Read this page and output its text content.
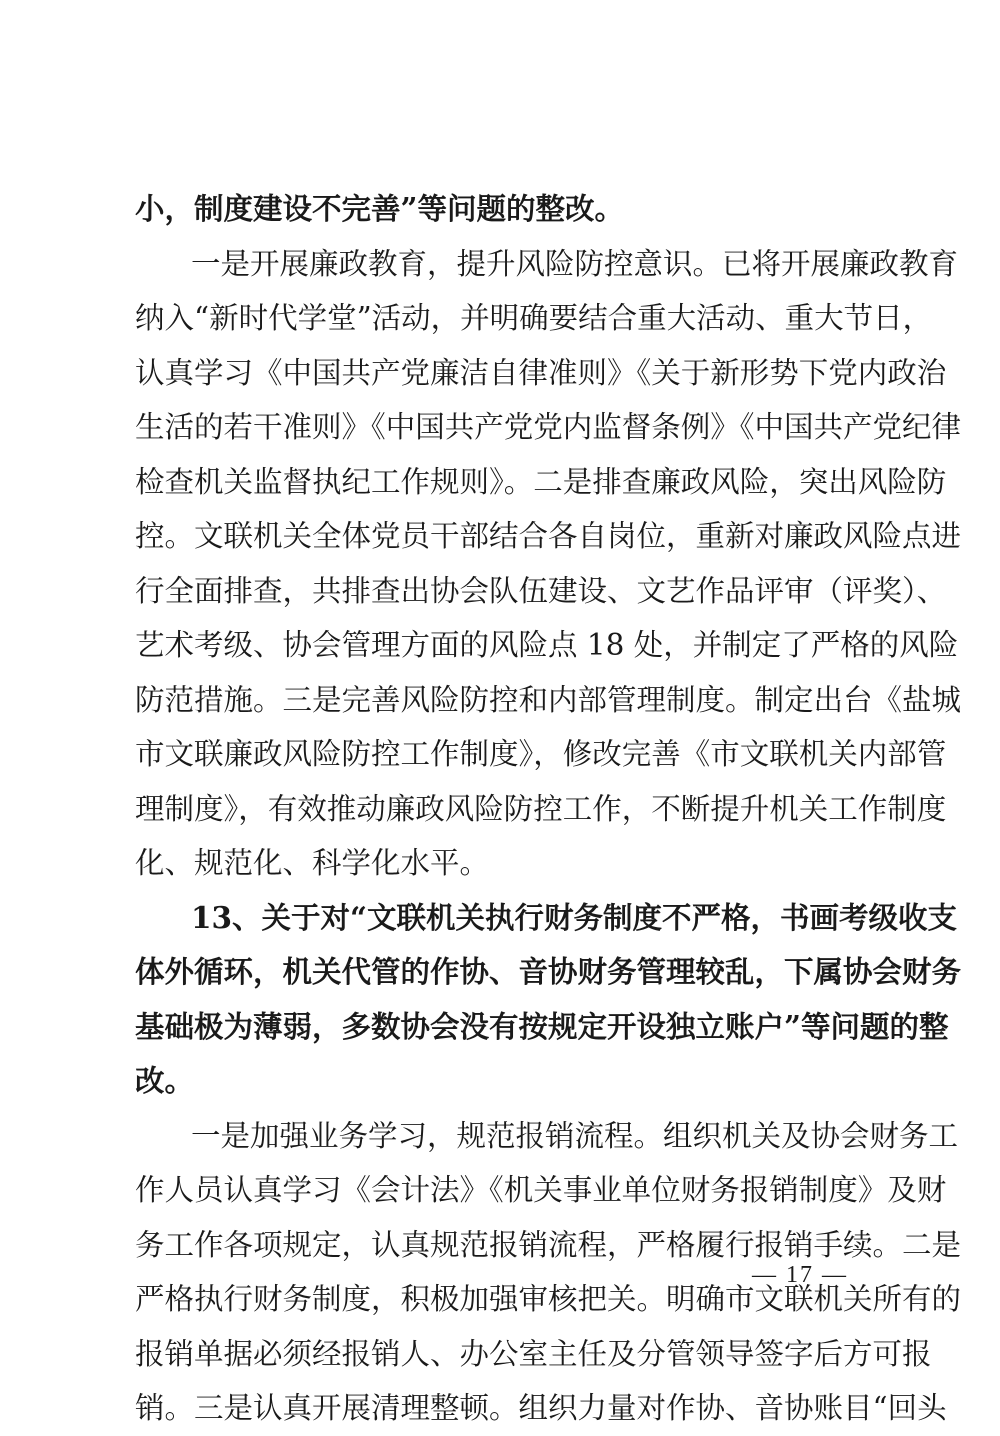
小，制度建设不完善”等问题的整改。
一是开展廉政教育，提升风险防控意识。已将开展廉政教育
纳入“新时代学堂”活动，并明确要结合重大活动、重大节日，
认真学习《中国共产党廉洁自律准则》《关于新形势下党内政治
生活的若干准则》《中国共产党党内监督条例》《中国共产党纪律
检查机关监督执纪工作规则》。二是排查廉政风险，突出风险防
控。文联机关全体党员干部结合各自岗位，重新对廉政风险点进
行全面排查，共排查出协会队伍建设、文艺作品评审（评奖）、
艺术考级、协会管理方面的风险点 18 处，并制定了严格的风险
防范措施。三是完善风险防控和内部管理制度。制定出台《盐城
市文联廉政风险防控工作制度》，修改完善《市文联机关内部管
理制度》，有效推动廉政风险防控工作，不断提升机关工作制度
化、规范化、科学化水平。
13、关于对“文联机关执行财务制度不严格，书画考级收支
体外循环，机关代管的作协、音协财务管理较乱，下属协会财务
基础极为薄弱，多数协会没有按规定开设独立账户”等问题的整
改。
一是加强业务学习，规范报销流程。组织机关及协会财务工
作人员认真学习《会计法》《机关事业单位财务报销制度》及财
务工作各项规定，认真规范报销流程，严格履行报销手续。二是
严格执行财务制度，积极加强审核把关。明确市文联机关所有的
报销单据必须经报销人、办公室主任及分管领导签字后方可报
销。三是认真开展清理整顿。组织力量对作协、音协账目“回头
— 17 —
